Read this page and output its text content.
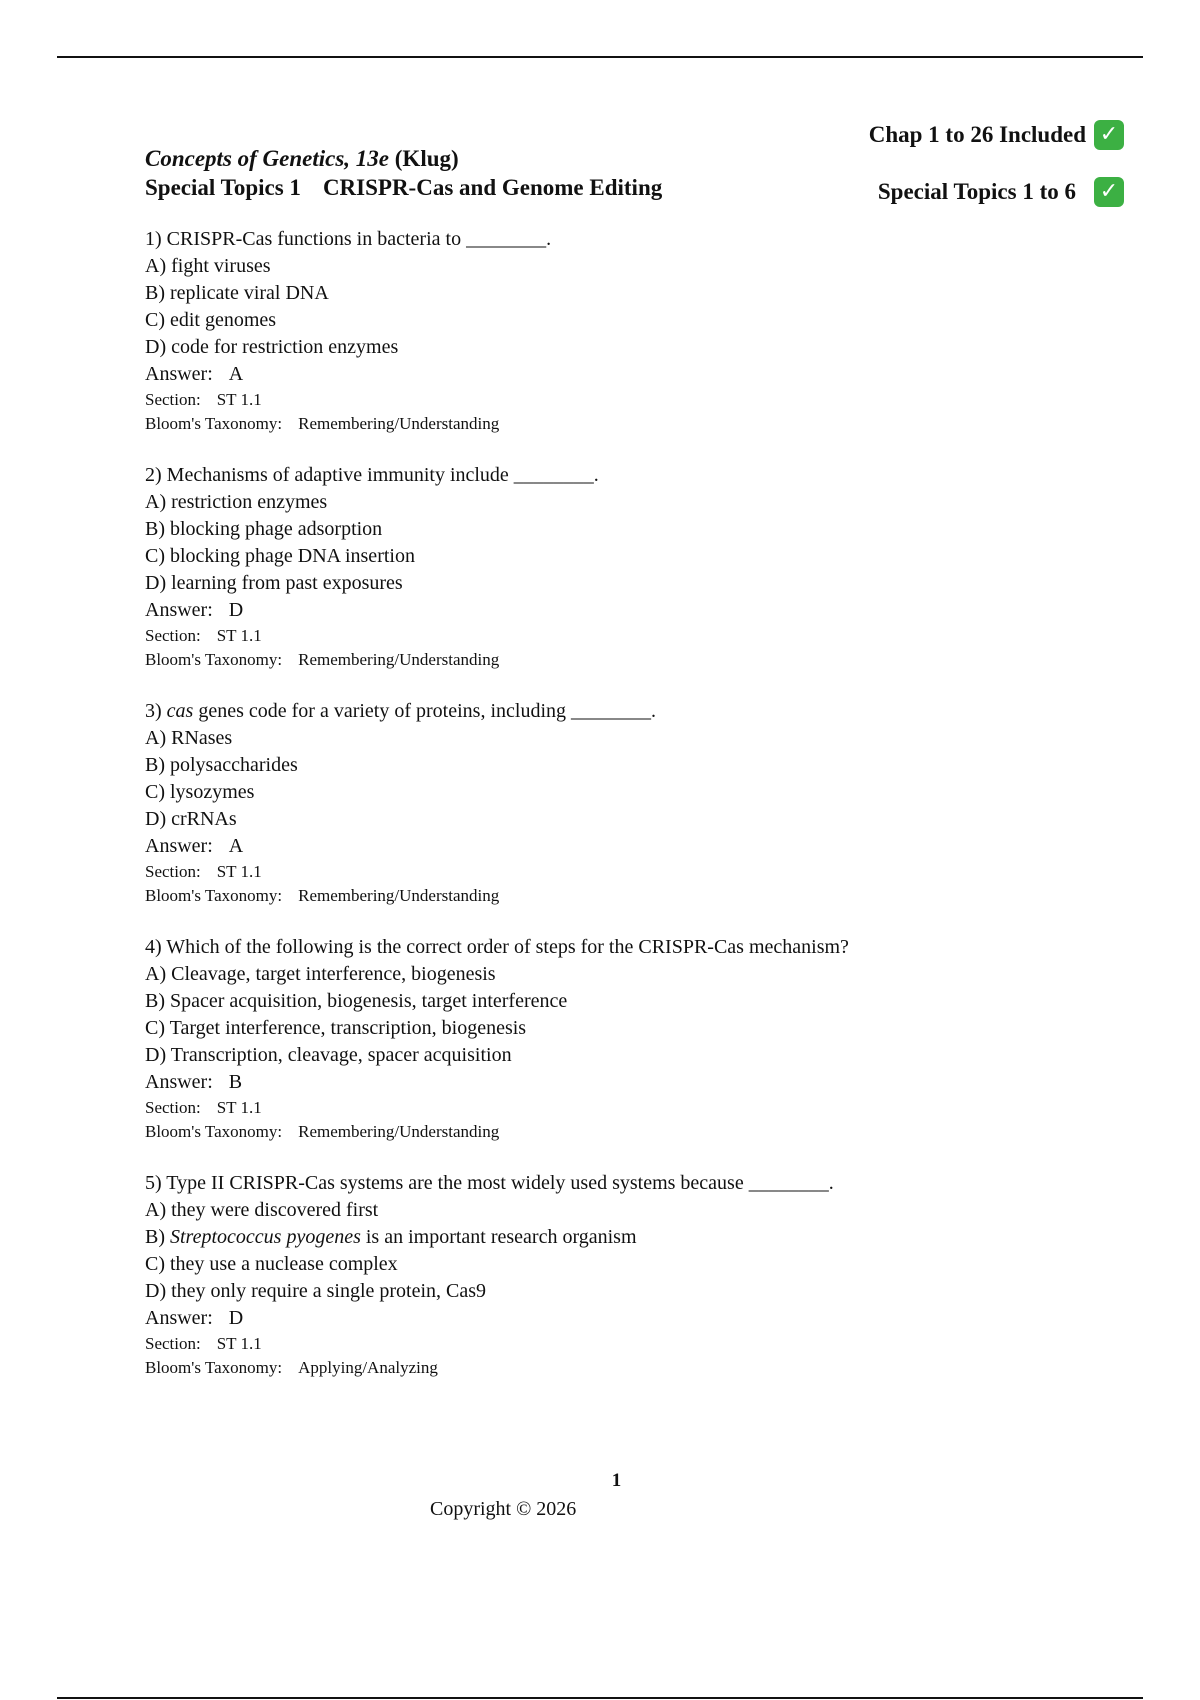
Concepts of Genetics, 13e (Klug)
Special Topics 1 CRISPR-Cas and Genome Editing
Chap 1 to 26 Included ✓
Special Topics 1 to 6 ✓
1) CRISPR-Cas functions in bacteria to ________.
A) fight viruses
B) replicate viral DNA
C) edit genomes
D) code for restriction enzymes
Answer: A
Section: ST 1.1
Bloom's Taxonomy: Remembering/Understanding
2) Mechanisms of adaptive immunity include ________.
A) restriction enzymes
B) blocking phage adsorption
C) blocking phage DNA insertion
D) learning from past exposures
Answer: D
Section: ST 1.1
Bloom's Taxonomy: Remembering/Understanding
3) cas genes code for a variety of proteins, including ________.
A) RNases
B) polysaccharides
C) lysozymes
D) crRNAs
Answer: A
Section: ST 1.1
Bloom's Taxonomy: Remembering/Understanding
4) Which of the following is the correct order of steps for the CRISPR-Cas mechanism?
A) Cleavage, target interference, biogenesis
B) Spacer acquisition, biogenesis, target interference
C) Target interference, transcription, biogenesis
D) Transcription, cleavage, spacer acquisition
Answer: B
Section: ST 1.1
Bloom's Taxonomy: Remembering/Understanding
5) Type II CRISPR-Cas systems are the most widely used systems because ________.
A) they were discovered first
B) Streptococcus pyogenes is an important research organism
C) they use a nuclease complex
D) they only require a single protein, Cas9
Answer: D
Section: ST 1.1
Bloom's Taxonomy: Applying/Analyzing
1
Copyright © 2026
